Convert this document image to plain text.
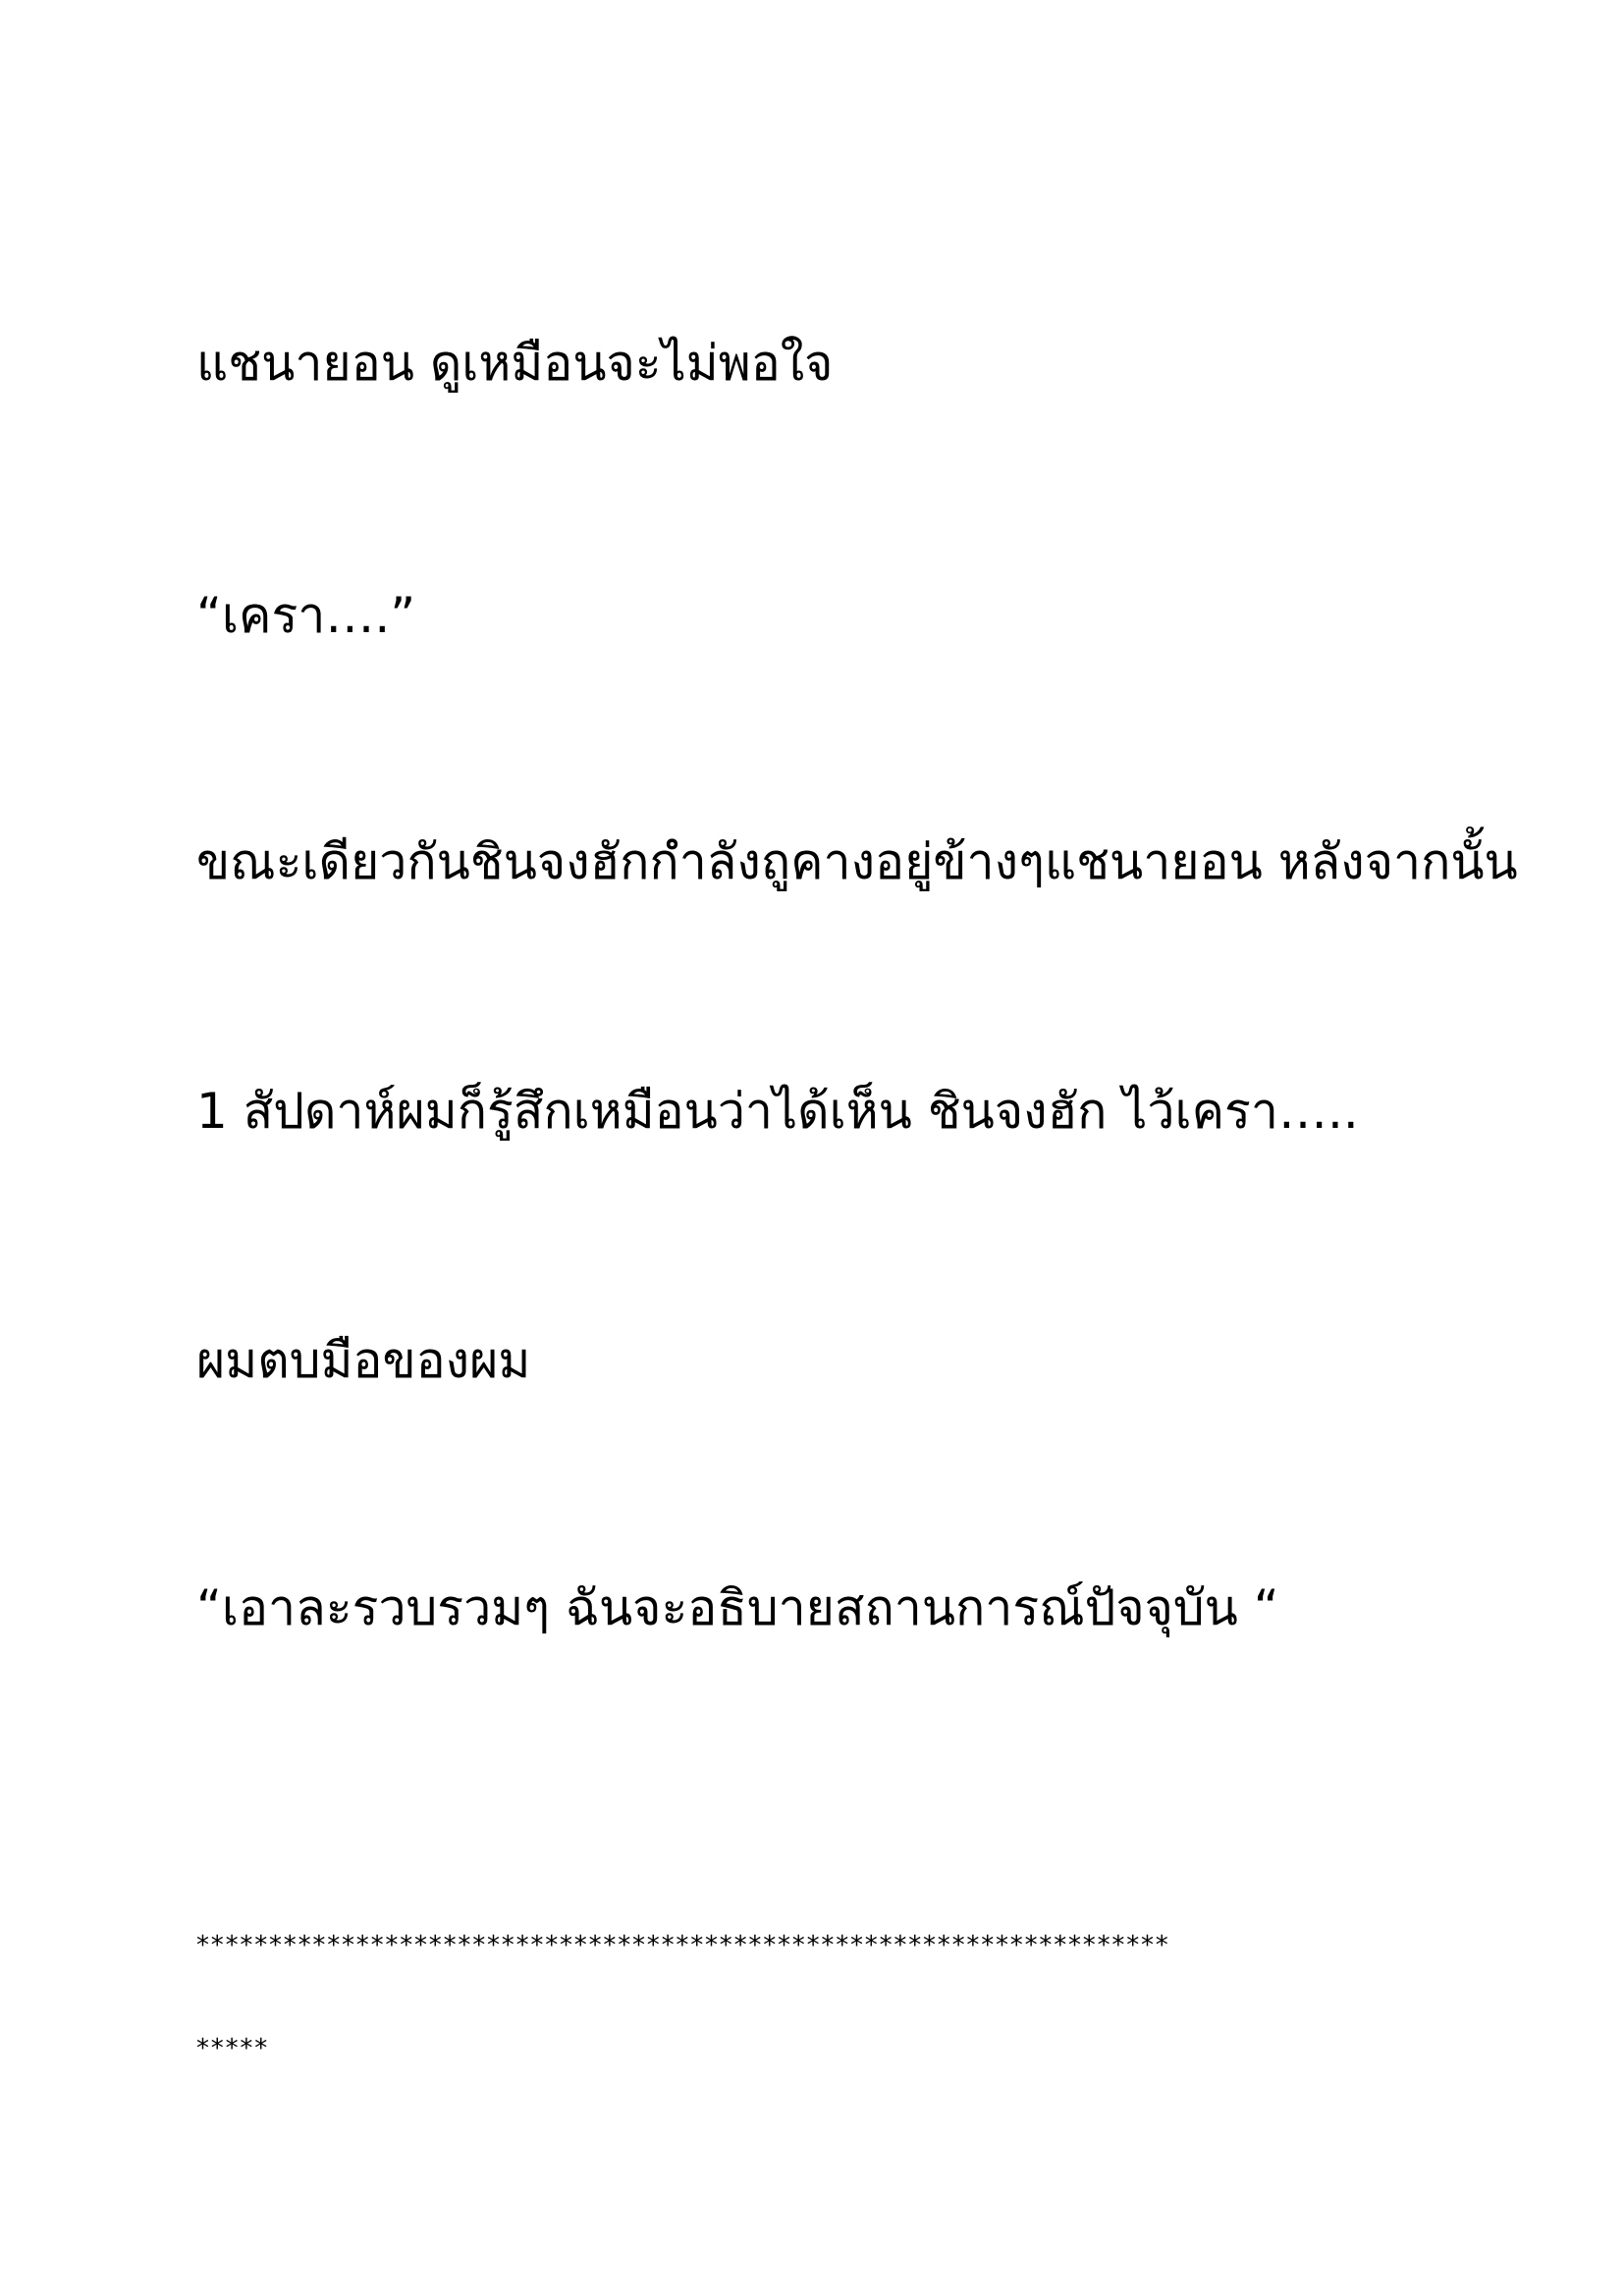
แชนายอน ดูเหมือนจะไม่พอใจ
“เครา….”
ขณะเดียวกันชินจงฮักกำลังถูคางอยู่ข้างๆแชนายอน หลังจากนั้น
1 สัปดาห์ผมก็รู้สึกเหมือนว่าได้เห็น ชินจงฮัก ไว้เครา…..
ผมตบมือของผม
“เอาละรวบรวมๆ ฉันจะอธิบายสถานการณ์ปัจจุบัน “
*******************************************************************
*****
